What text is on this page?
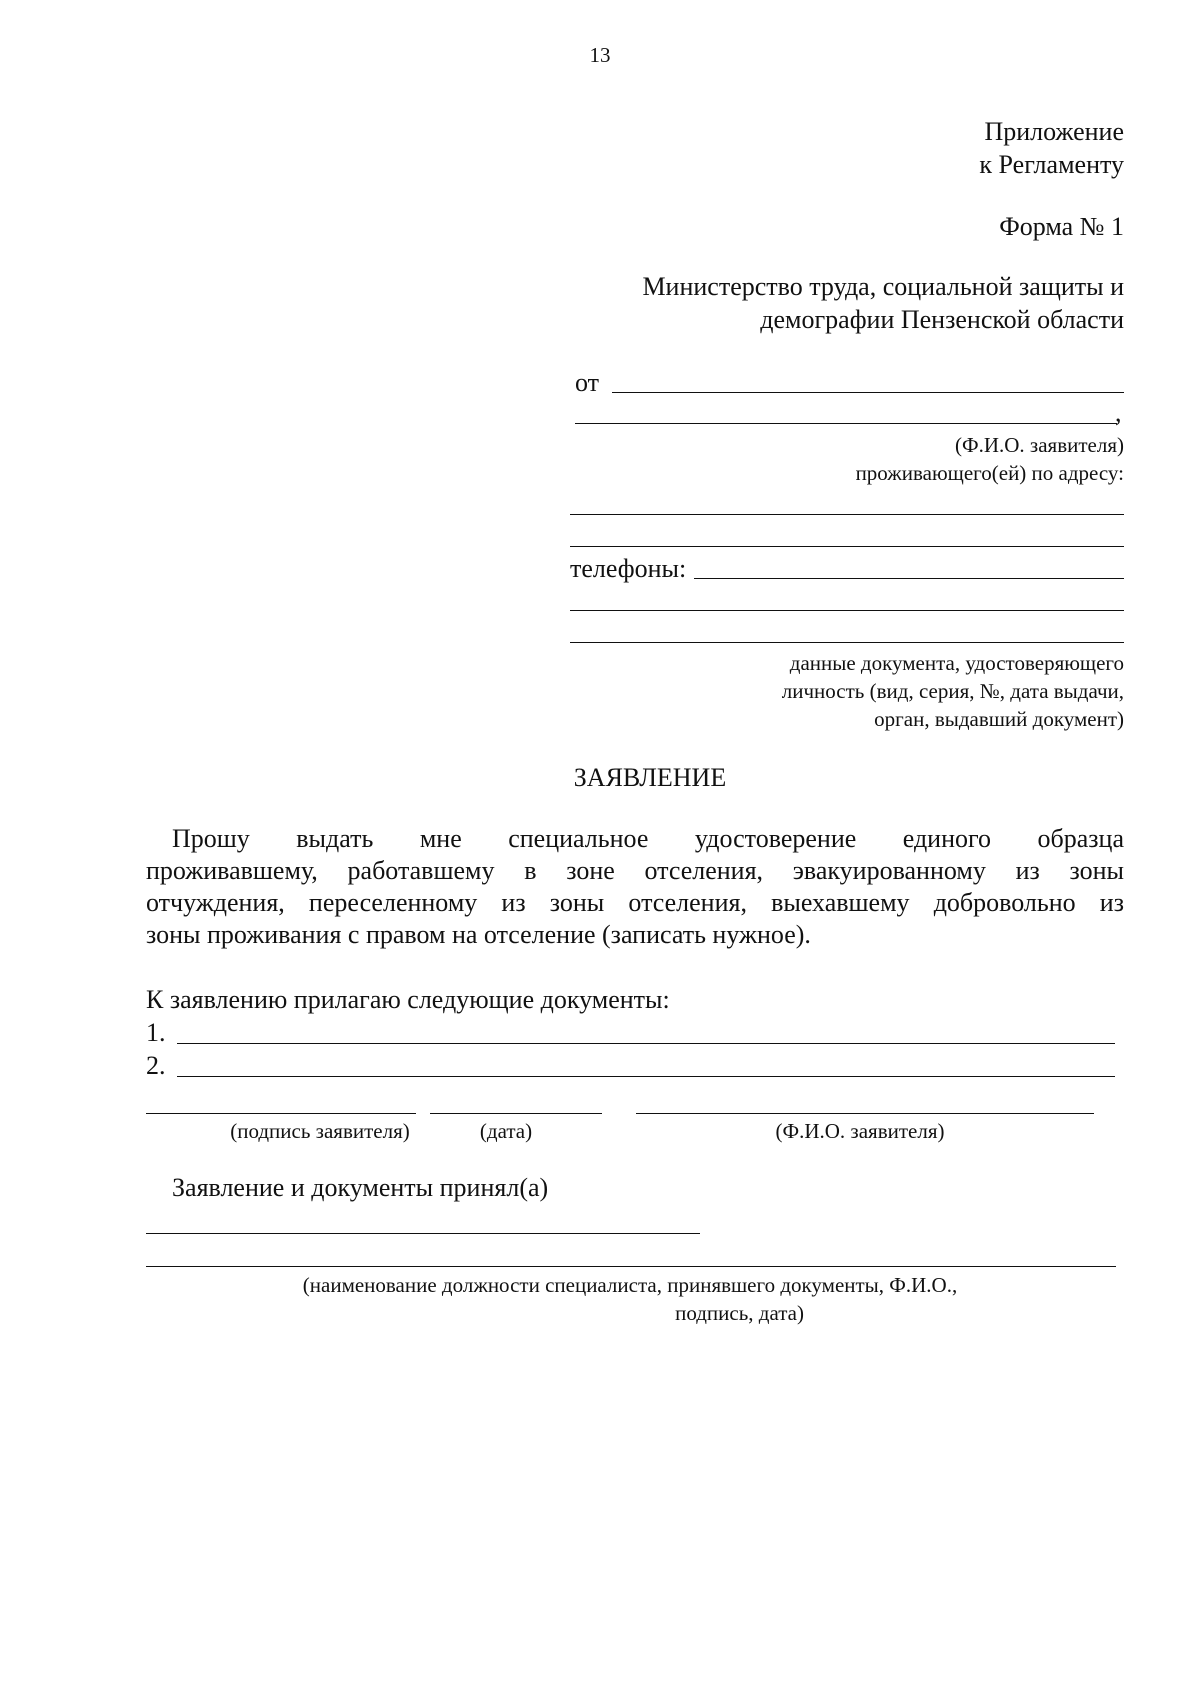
13
Приложение
к Регламенту
Форма № 1
Министерство труда, социальной защиты и
демографии Пензенской области
от
,
(Ф.И.О. заявителя)
проживающего(ей) по адресу:
телефоны:
данные документа, удостоверяющего
личность (вид, серия, №, дата выдачи,
орган, выдавший документ)
ЗАЯВЛЕНИЕ
Прошу выдать мне специальное удостоверение единого образца
проживавшему, работавшему в зоне отселения, эвакуированному из зоны
отчуждения, переселенному из зоны отселения, выехавшему добровольно из
зоны проживания с правом на отселение (записать нужное).
К заявлению прилагаю следующие документы:
1.
2.
(подпись заявителя)	(дата)	(Ф.И.О. заявителя)
Заявление и документы принял(а)
(наименование должности специалиста, принявшего документы, Ф.И.О.,
подпись, дата)
